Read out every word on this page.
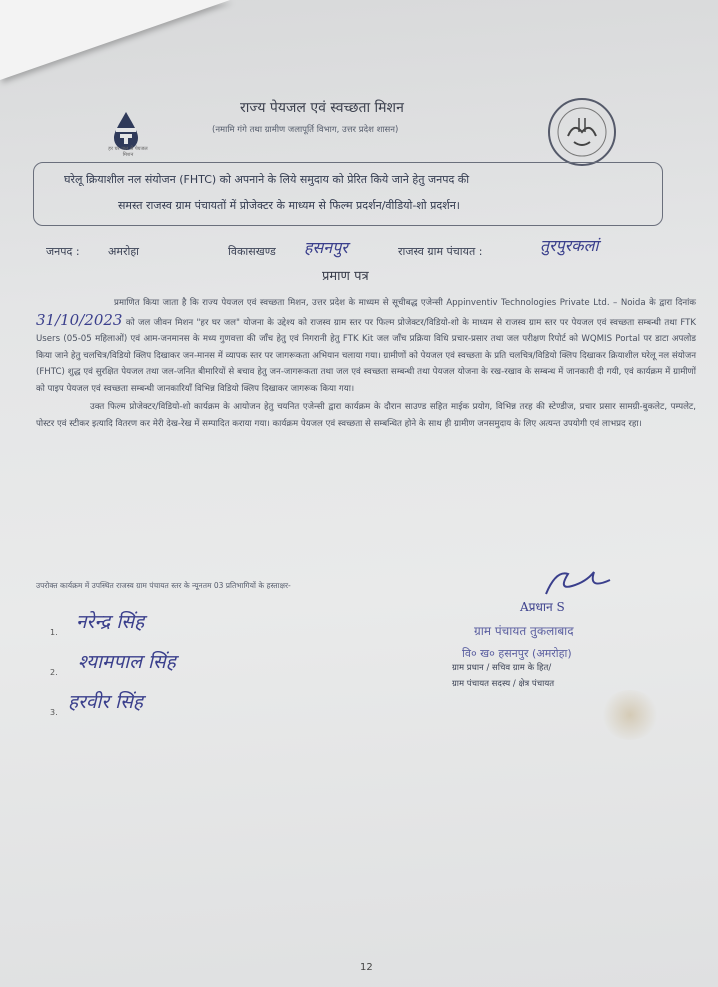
हर घर जल से पेयजल मिशन
राज्य पेयजल एवं स्वच्छता मिशन
(नमामि गंगे तथा ग्रामीण जलापूर्ति विभाग, उत्तर प्रदेश शासन)
घरेलू क्रियाशील नल संयोजन (FHTC) को अपनाने के लिये समुदाय को प्रेरित किये जाने हेतु जनपद की
समस्त राजस्व ग्राम पंचायतों में प्रोजेक्टर के माध्यम से फिल्म प्रदर्शन/वीडियो-शो प्रदर्शन।
जनपद :	अमरोहा	विकासखण्ड हसनपुर	राजस्व ग्राम पंचायत :	तुरपुरकलां
प्रमाण पत्र

प्रमाणित किया जाता है कि राज्य पेयजल एवं स्वच्छता मिशन, उत्तर प्रदेश के माध्यम से सूचीबद्ध एजेन्सी Appinventiv Technologies Private Ltd. – Noida के द्वारा दिनांक 31/10/2023 को जल जीवन मिशन "हर घर जल" योजना के उद्देश्य को राजस्व ग्राम स्तर पर फिल्म प्रोजेक्टर/विडियो-शो के माध्यम से राजस्व ग्राम स्तर पर पेयजल एवं स्वच्छता सम्बन्धी तथा FTK Users (05-05 महिलाओं) एवं आम-जनमानस के मध्य गुणवत्ता की जाँच हेतु एवं निगरानी हेतु FTK Kit जल जाँच प्रक्रिया विधि प्रचार-प्रसार तथा जल परीक्षण रिपोर्ट को WQMIS Portal पर डाटा अपलोड किया जाने हेतु चलचित्र/विडियो क्लिप दिखाकर जन-मानस में व्यापक स्तर पर जागरूकता अभियान चलाया गया। ग्रामीणों को पेयजल एवं स्वच्छता के प्रति चलचित्र/विडियो क्लिप दिखाकर क्रियाशील घरेलू नल संयोजन (FHTC) शुद्ध एवं सुरक्षित पेयजल तथा जल-जनित बीमारियों से बचाव हेतु जन-जागरूकता तथा जल एवं स्वच्छता सम्बन्धी तथा पेयजल योजना के रख-रखाव के सम्बन्ध में जानकारी दी गयी, एवं कार्यक्रम में ग्रामीणों को पाइप पेयजल एवं स्वच्छता सम्बन्धी जानकारियाँ विभिन्न विडियो क्लिप दिखाकर जागरूक किया गया।

उक्त फिल्म प्रोजेक्टर/विडियो-शो कार्यक्रम के आयोजन हेतु चयनित एजेन्सी द्वारा कार्यक्रम के दौरान साउण्ड सहित माईक प्रयोग, विभिन्न तरह की स्टेण्डीज, प्रचार प्रसार सामग्री-बुकलेट, पम्पलेट, पोस्टर एवं स्टीकर इत्यादि वितरण कर मेरी देख-रेख में सम्पादित कराया गया। कार्यक्रम पेयजल एवं स्वच्छता से सम्बन्धित होने के साथ ही ग्रामीण जनसमुदाय के लिए अत्यन्त उपयोगी एवं लाभप्रद रहा।

उपरोक्त कार्यक्रम में उपस्थित राजस्व ग्राम पंचायत स्तर के न्यूनतम 03 प्रतिभागियों के हस्ताक्षर-
1. नरेन्द्र सिंह
2. श्यामपाल सिंह
3. हरवीर सिंह
Aप्रधान S
ग्राम पंचायत तुकलाबाद
वि० ख० हसनपुर (अमरोहा)
ग्राम प्रधान / सचिव ग्राम के हित/
ग्राम पंचायत सदस्य / क्षेत्र पंचायत
12
